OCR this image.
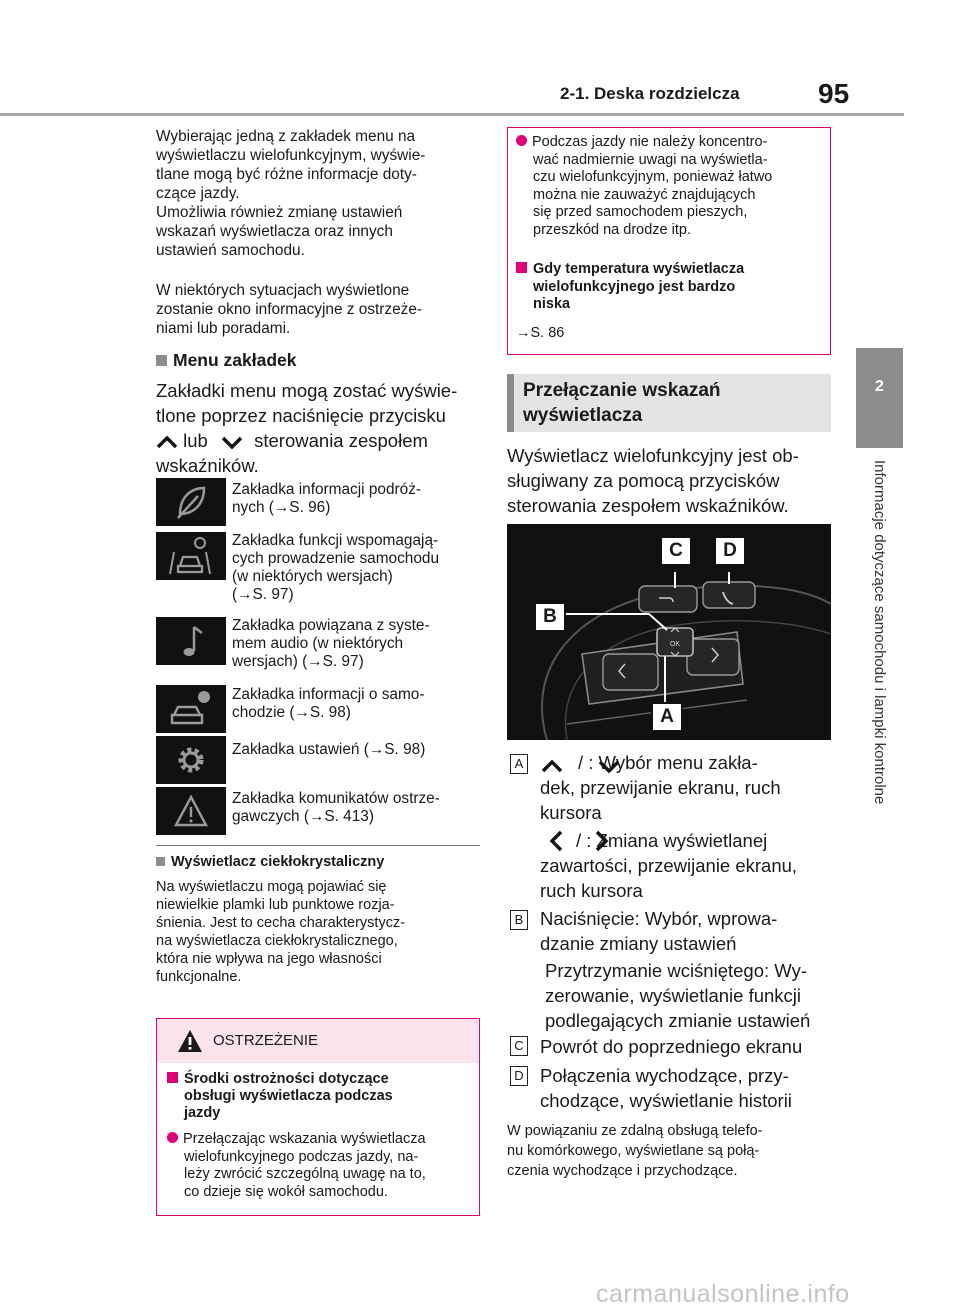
2-1. Deska rozdzielcza	95
2
Informacje dotyczące samochodu i lampki kontrolne

Wybierając jedną z zakładek menu na

wyświetlaczu wielofunkcyjnym, wyświe-

tlane mogą być różne informacje doty-

czące jazdy.

Umożliwia również zmianę ustawień

wskazań wyświetlacza oraz innych

ustawień samochodu.

W niektórych sytuacjach wyświetlone

zostanie okno informacyjne z ostrzeże-

niami lub poradami.

Menu zakładek

Zakładki menu mogą zostać wyświe-

tlone poprzez naciśnięcie przycisku

lub	sterowania zespołem

wskaźników.

Zakładka informacji podróż-

nych (→S. 96)

Zakładka funkcji wspomagają-

cych prowadzenie samochodu

(w niektórych wersjach)

(→S. 97)

Zakładka powiązana z syste-

mem audio (w niektórych

wersjach) (→S. 97)

Zakładka informacji o samo-

chodzie (→S. 98)

Zakładka ustawień (→S. 98)

Zakładka komunikatów ostrze-

gawczych (→S. 413)

Wyświetlacz ciekłokrystaliczny

Na wyświetlaczu mogą pojawiać się

niewielkie plamki lub punktowe rozja-

śnienia. Jest to cecha charakterystycz-

na wyświetlacza ciekłokrystalicznego,

która nie wpływa na jego własności

funkcjonalne.

OSTRZEŻENIE

Środki ostrożności dotyczące

obsługi wyświetlacza podczas

jazdy

Przełączając wskazania wyświetlacza

wielofunkcyjnego podczas jazdy, na-

leży zwrócić szczególną uwagę na to,

co dzieje się wokół samochodu.

Podczas jazdy nie należy koncentro-

wać nadmiernie uwagi na wyświetla-

czu wielofunkcyjnym, ponieważ łatwo

można nie zauważyć znajdujących

się przed samochodem pieszych,

przeszkód na drodze itp.

Gdy temperatura wyświetlacza

wielofunkcyjnego jest bardzo

niska

→S. 86

Przełączanie wskazań

wyświetlacza

Wyświetlacz wielofunkcyjny jest ob-

sługiwany za pomocą przycisków

sterowania zespołem wskaźników.

OK
C	D
B
A
A	/ : Wybór menu zakła-

dek, przewijanie ekranu, ruch

kursora

/ : Zmiana wyświetlanej

zawartości, przewijanie ekranu,

ruch kursora

B Naciśnięcie: Wybór, wprowa-

dzanie zmiany ustawień

Przytrzymanie wciśniętego: Wy-

zerowanie, wyświetlanie funkcji

podlegających zmianie ustawień

C Powrót do poprzedniego ekranu
D Połączenia wychodzące, przy-

chodzące, wyświetlanie historii

W powiązaniu ze zdalną obsługą telefo-

nu komórkowego, wyświetlane są połą-

czenia wychodzące i przychodzące.

carmanualsonline.info
